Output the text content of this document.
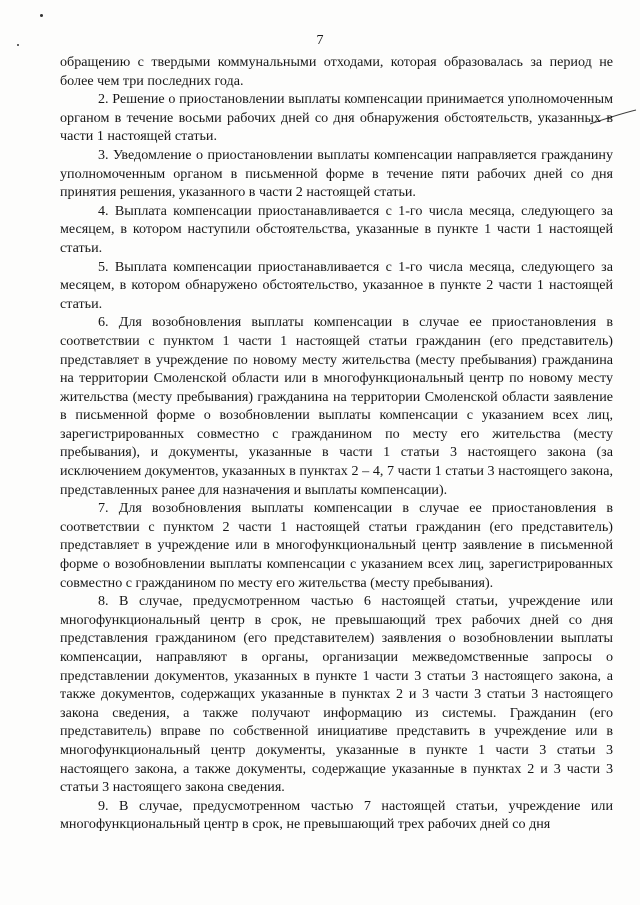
7

обращению с твердыми коммунальными отходами, которая образовалась за период не более чем три последних года.

2. Решение о приостановлении выплаты компенсации принимается уполномоченным органом в течение восьми рабочих дней со дня обнаружения обстоятельств, указанных в части 1 настоящей статьи.

3. Уведомление о приостановлении выплаты компенсации направляется гражданину уполномоченным органом в письменной форме в течение пяти рабочих дней со дня принятия решения, указанного в части 2 настоящей статьи.

4. Выплата компенсации приостанавливается с 1-го числа месяца, следующего за месяцем, в котором наступили обстоятельства, указанные в пункте 1 части 1 настоящей статьи.

5. Выплата компенсации приостанавливается с 1-го числа месяца, следующего за месяцем, в котором обнаружено обстоятельство, указанное в пункте 2 части 1 настоящей статьи.

6. Для возобновления выплаты компенсации в случае ее приостановления в соответствии с пунктом 1 части 1 настоящей статьи гражданин (его представитель) представляет в учреждение по новому месту жительства (месту пребывания) гражданина на территории Смоленской области или в многофункциональный центр по новому месту жительства (месту пребывания) гражданина на территории Смоленской области заявление в письменной форме о возобновлении выплаты компенсации с указанием всех лиц, зарегистрированных совместно с гражданином по месту его жительства (месту пребывания), и документы, указанные в части 1 статьи 3 настоящего закона (за исключением документов, указанных в пунктах 2 – 4, 7 части 1 статьи 3 настоящего закона, представленных ранее для назначения и выплаты компенсации).

7. Для возобновления выплаты компенсации в случае ее приостановления в соответствии с пунктом 2 части 1 настоящей статьи гражданин (его представитель) представляет в учреждение или в многофункциональный центр заявление в письменной форме о возобновлении выплаты компенсации с указанием всех лиц, зарегистрированных совместно с гражданином по месту его жительства (месту пребывания).

8. В случае, предусмотренном частью 6 настоящей статьи, учреждение или многофункциональный центр в срок, не превышающий трех рабочих дней со дня представления гражданином (его представителем) заявления о возобновлении выплаты компенсации, направляют в органы, организации межведомственные запросы о представлении документов, указанных в пункте 1 части 3 статьи 3 настоящего закона, а также документов, содержащих указанные в пунктах 2 и 3 части 3 статьи 3 настоящего закона сведения, а также получают информацию из системы. Гражданин (его представитель) вправе по собственной инициативе представить в учреждение или в многофункциональный центр документы, указанные в пункте 1 части 3 статьи 3 настоящего закона, а также документы, содержащие указанные в пунктах 2 и 3 части 3 статьи 3 настоящего закона сведения.

9. В случае, предусмотренном частью 7 настоящей статьи, учреждение или многофункциональный центр в срок, не превышающий трех рабочих дней со дня
